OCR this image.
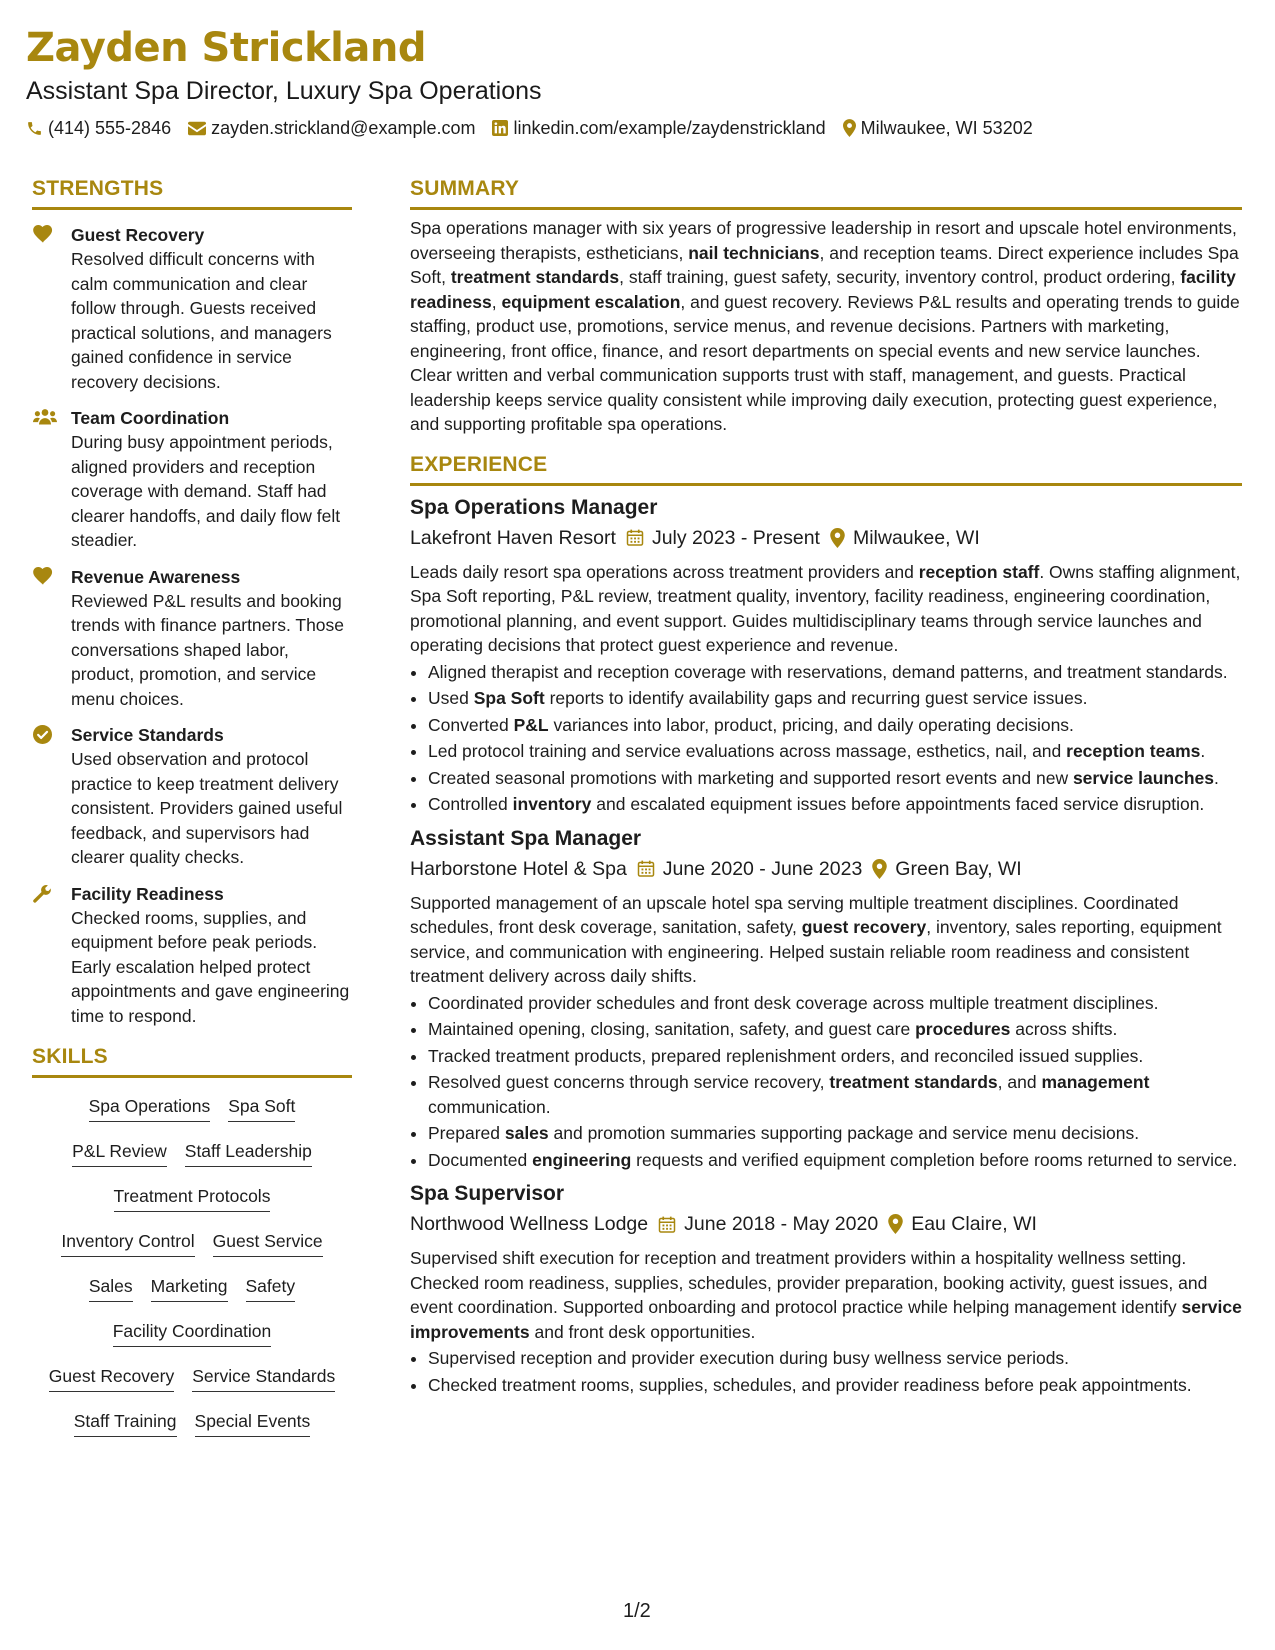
Zayden Strickland
Assistant Spa Director, Luxury Spa Operations
(414) 555-2846 zayden.strickland@example.com linkedin.com/example/zaydenstrickland Milwaukee, WI 53202
STRENGTHS
Guest Recovery
Resolved difficult concerns with calm communication and clear follow through. Guests received practical solutions, and managers gained confidence in service recovery decisions.
Team Coordination
During busy appointment periods, aligned providers and reception coverage with demand. Staff had clearer handoffs, and daily flow felt steadier.
Revenue Awareness
Reviewed P&L results and booking trends with finance partners. Those conversations shaped labor, product, promotion, and service menu choices.
Service Standards
Used observation and protocol practice to keep treatment delivery consistent. Providers gained useful feedback, and supervisors had clearer quality checks.
Facility Readiness
Checked rooms, supplies, and equipment before peak periods. Early escalation helped protect appointments and gave engineering time to respond.
SKILLS
Spa Operations Spa Soft
P&L Review Staff Leadership
Treatment Protocols
Inventory Control Guest Service
Sales Marketing Safety
Facility Coordination
Guest Recovery Service Standards
Staff Training Special Events
SUMMARY
Spa operations manager with six years of progressive leadership in resort and upscale hotel environments, overseeing therapists, estheticians, nail technicians, and reception teams. Direct experience includes Spa Soft, treatment standards, staff training, guest safety, security, inventory control, product ordering, facility readiness, equipment escalation, and guest recovery. Reviews P&L results and operating trends to guide staffing, product use, promotions, service menus, and revenue decisions. Partners with marketing, engineering, front office, finance, and resort departments on special events and new service launches. Clear written and verbal communication supports trust with staff, management, and guests. Practical leadership keeps service quality consistent while improving daily execution, protecting guest experience, and supporting profitable spa operations.
EXPERIENCE
Spa Operations Manager
Lakefront Haven Resort July 2023 - Present Milwaukee, WI
Leads daily resort spa operations across treatment providers and reception staff. Owns staffing alignment, Spa Soft reporting, P&L review, treatment quality, inventory, facility readiness, engineering coordination, promotional planning, and event support. Guides multidisciplinary teams through service launches and operating decisions that protect guest experience and revenue.
• Aligned therapist and reception coverage with reservations, demand patterns, and treatment standards.
• Used Spa Soft reports to identify availability gaps and recurring guest service issues.
• Converted P&L variances into labor, product, pricing, and daily operating decisions.
• Led protocol training and service evaluations across massage, esthetics, nail, and reception teams.
• Created seasonal promotions with marketing and supported resort events and new service launches.
• Controlled inventory and escalated equipment issues before appointments faced service disruption.
Assistant Spa Manager
Harborstone Hotel & Spa June 2020 - June 2023 Green Bay, WI
Supported management of an upscale hotel spa serving multiple treatment disciplines. Coordinated schedules, front desk coverage, sanitation, safety, guest recovery, inventory, sales reporting, equipment service, and communication with engineering. Helped sustain reliable room readiness and consistent treatment delivery across daily shifts.
• Coordinated provider schedules and front desk coverage across multiple treatment disciplines.
• Maintained opening, closing, sanitation, safety, and guest care procedures across shifts.
• Tracked treatment products, prepared replenishment orders, and reconciled issued supplies.
• Resolved guest concerns through service recovery, treatment standards, and management communication.
• Prepared sales and promotion summaries supporting package and service menu decisions.
• Documented engineering requests and verified equipment completion before rooms returned to service.
Spa Supervisor
Northwood Wellness Lodge June 2018 - May 2020 Eau Claire, WI
Supervised shift execution for reception and treatment providers within a hospitality wellness setting. Checked room readiness, supplies, schedules, provider preparation, booking activity, guest issues, and event coordination. Supported onboarding and protocol practice while helping management identify service improvements and front desk opportunities.
• Supervised reception and provider execution during busy wellness service periods.
• Checked treatment rooms, supplies, schedules, and provider readiness before peak appointments.
1/2
